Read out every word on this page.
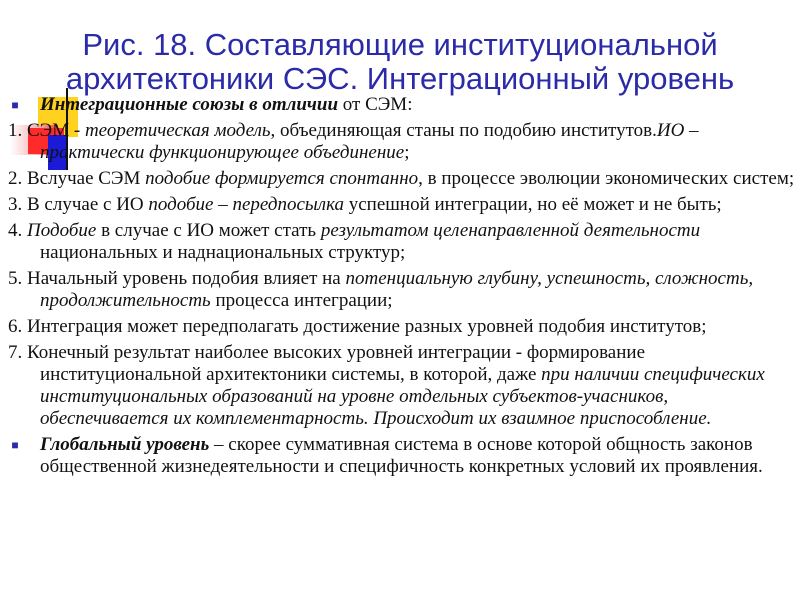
Рис. 18. Составляющие институциональной
архитектоники СЭС. Интеграционный уровень
■ Интеграционные союзы в отличии от СЭМ:
1. СЭМ - теоретическая модель, объединяющая станы по подобию институтов.ИО – практически функционирующее объединение;
2. Вслучае СЭМ подобие формируется спонтанно, в процессе эволюции экономических систем;
3. В случае с ИО подобие – передпосылка успешной интеграции, но её может и не быть;
4. Подобие в случае с ИО может стать результатом целенаправленной деятельности национальных и наднациональных структур;
5. Начальный уровень подобия влияет на потенциальную глубину, успешность, сложность, продолжительность процесса интеграции;
6. Интеграция может передполагать достижение разных уровней подобия институтов;
7. Конечный результат наиболее высоких уровней интеграции - формирование институциональной архитектоники системы, в которой, даже при наличии специфических институциональных образований на уровне отдельных субъектов-учасников, обеспечивается их комплементарность. Происходит их взаимное приспособление.
■ Глобальный уровень – скорее суммативная система в основе которой общность законов общественной жизнедеятельности и специфичность конкретных условий их проявления.
